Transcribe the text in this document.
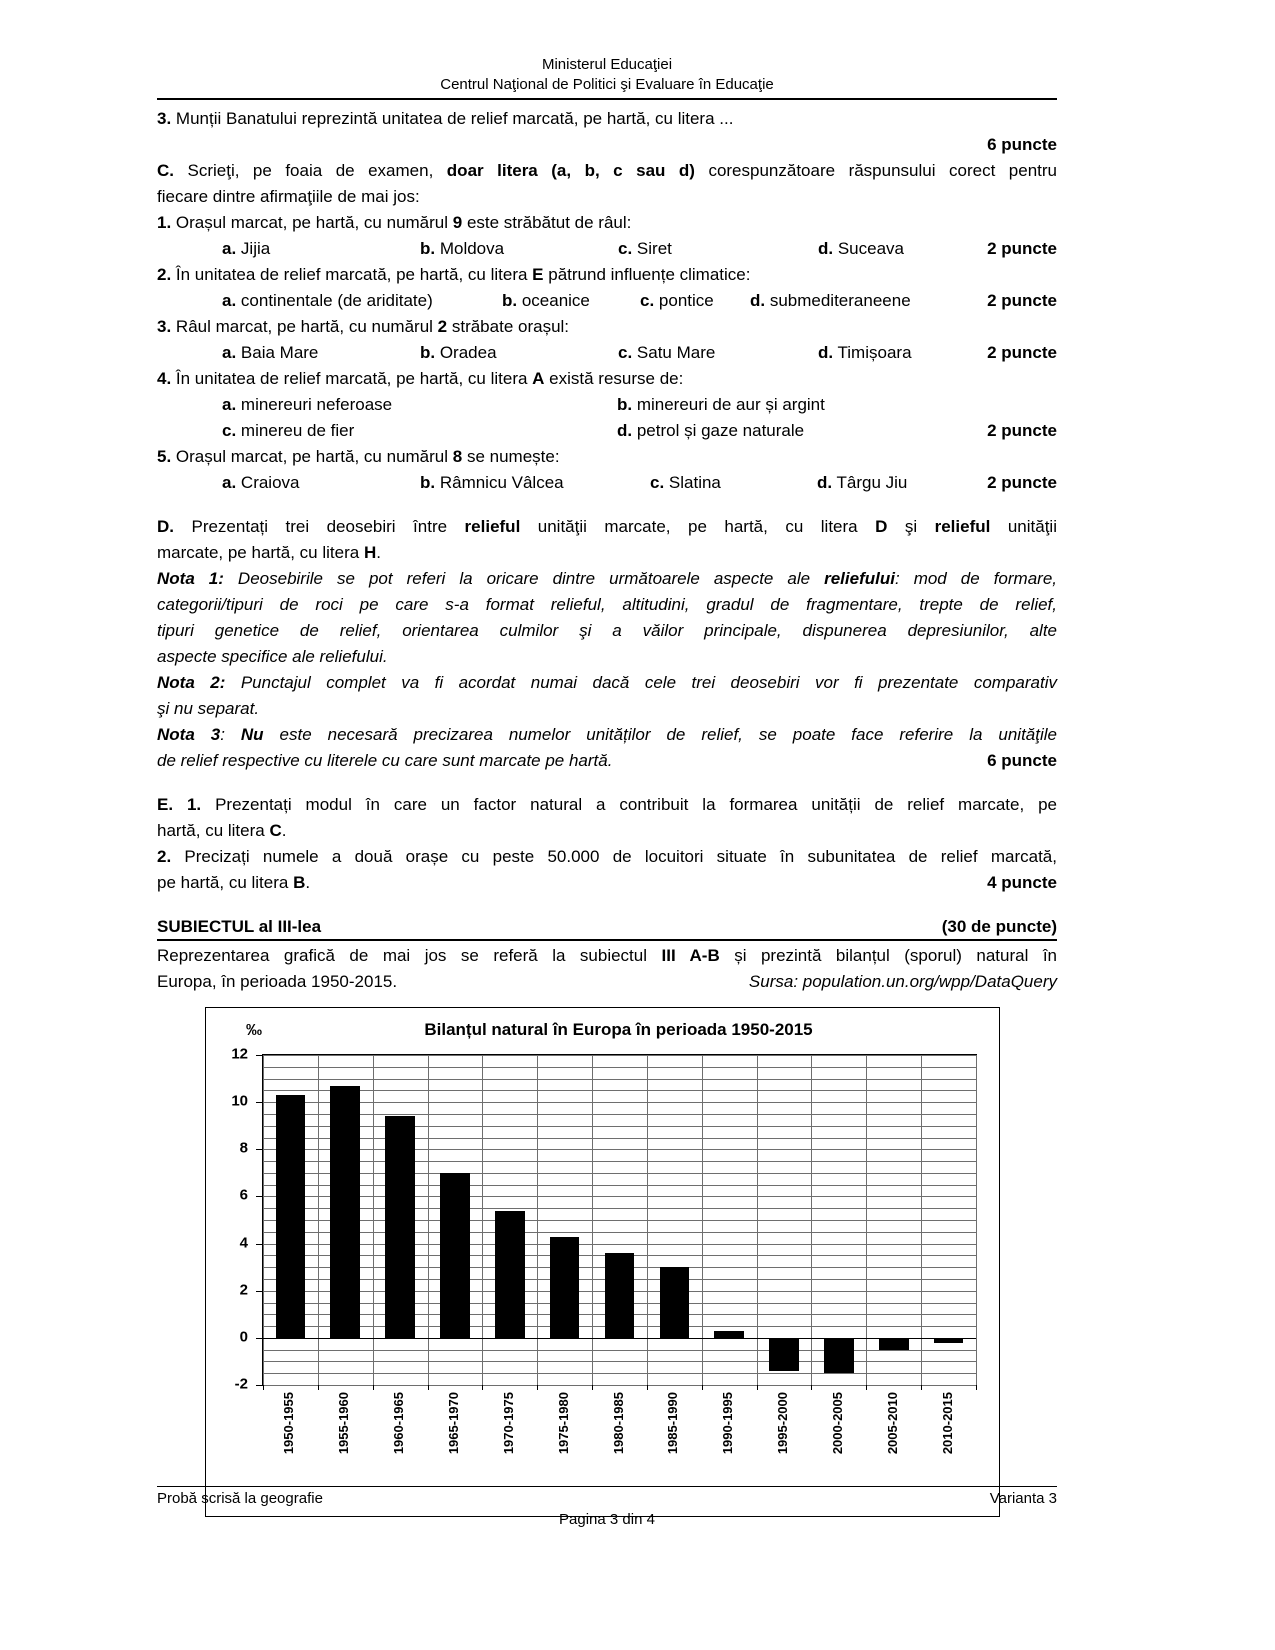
Ministerul Educaţiei
Centrul Naţional de Politici şi Evaluare în Educaţie
3. Munții Banatului reprezintă unitatea de relief marcată, pe hartă, cu litera ...
6 puncte
C. Scrieţi, pe foaia de examen, doar litera (a, b, c sau d) corespunzătoare răspunsului corect pentru
fiecare dintre afirmaţiile de mai jos:
1. Orașul marcat, pe hartă, cu numărul 9 este străbătut de râul:
a. Jijia	b. Moldova	c. Siret	d. Suceava	2 puncte
2. În unitatea de relief marcată, pe hartă, cu litera E pătrund influențe climatice:
a. continentale (de ariditate)	b. oceanice	c. pontice d. submediteraneene	2 puncte
3. Râul marcat, pe hartă, cu numărul 2 străbate orașul:
a. Baia Mare	b. Oradea	c. Satu Mare	d. Timișoara	2 puncte
4. În unitatea de relief marcată, pe hartă, cu litera A există resurse de:
a. minereuri neferoase	b. minereuri de aur și argint
c. minereu de fier	d. petrol și gaze naturale	2 puncte
5. Orașul marcat, pe hartă, cu numărul 8 se numește:
a. Craiova	b. Râmnicu Vâlcea	c. Slatina	d. Târgu Jiu	2 puncte
D. Prezentați trei deosebiri între relieful unităţii marcate, pe hartă, cu litera D şi relieful unităţii
marcate, pe hartă, cu litera H.
Nota 1: Deosebirile se pot referi la oricare dintre următoarele aspecte ale reliefului: mod de formare,
categorii/tipuri de roci pe care s-a format relieful, altitudini, gradul de fragmentare, trepte de relief,
tipuri genetice de relief, orientarea culmilor şi a văilor principale, dispunerea depresiunilor, alte
aspecte specifice ale reliefului.
Nota 2: Punctajul complet va fi acordat numai dacă cele trei deosebiri vor fi prezentate comparativ
şi nu separat.
Nota 3: Nu este necesară precizarea numelor unităților de relief, se poate face referire la unităţile
de relief respective cu literele cu care sunt marcate pe hartă.	6 puncte
E. 1. Prezentați modul în care un factor natural a contribuit la formarea unității de relief marcate, pe
hartă, cu litera C.
2. Precizați numele a două orașe cu peste 50.000 de locuitori situate în subunitatea de relief marcată,
pe hartă, cu litera B.	4 puncte
SUBIECTUL al III-lea	(30 de puncte)
Reprezentarea grafică de mai jos se referă la subiectul III A-B și prezintă bilanțul (sporul) natural în
Europa, în perioada 1950-2015.	Sursa: population.un.org/wpp/DataQuery
‰	Bilanțul natural în Europa în perioada 1950-2015
12
10
8
6
4
2
0
-2
1950-1955	1955-1960	1960-1965	1965-1970	1970-1975	1975-1980	1980-1985	1985-1990	1990-1995	1995-2000	2000-2005	2005-2010	2010-2015
Probă scrisă la geografie	Varianta 3
Pagina 3 din 4
